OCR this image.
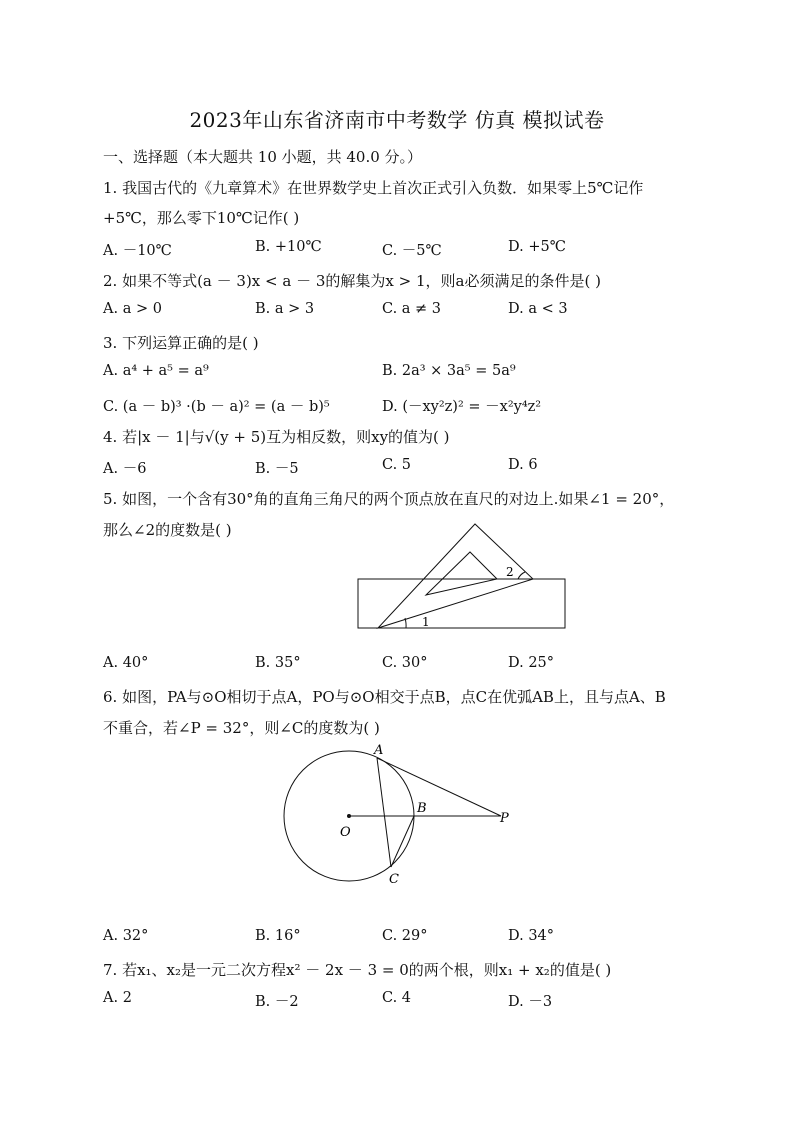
2023年山东省济南市中考数学 仿真 模拟试卷
一、选择题（本大题共 10 小题，共 40.0 分。）
1. 我国古代的《九章算术》在世界数学史上首次正式引入负数．如果零上5℃记作
+5℃，那么零下10℃记作( )
A. －10℃	B. +10℃	C. －5℃	D. +5℃
2. 如果不等式(a － 3)x < a － 3的解集为x > 1，则a必须满足的条件是( )
A. a > 0	B. a > 3	C. a ≠ 3	D. a < 3
3. 下列运算正确的是( )
A. a⁴ + a⁵ = a⁹	B. 2a³ × 3a⁵ = 5a⁹
C. (a － b)³ ·(b － a)² = (a － b)⁵	D. (－xy²z)² = －x²y⁴z²
4. 若|x － 1|与√(y + 5)互为相反数，则xy的值为( )
A. －6	B. －5	C. 5	D. 6
5. 如图，一个含有30°角的直角三角尺的两个顶点放在直尺的对边上.如果∠1 = 20°，
那么∠2的度数是( )
1
2
A. 40°	B. 35°	C. 30°	D. 25°
6. 如图，PA与⊙O相切于点A，PO与⊙O相交于点B，点C在优弧AB上，且与点A、B
不重合，若∠P = 32°，则∠C的度数为( )
A
B
O
P
C
A. 32°	B. 16°	C. 29°	D. 34°
7. 若x₁、x₂是一元二次方程x² － 2x － 3 = 0的两个根，则x₁ + x₂的值是( )
A. 2	B. －2	C. 4	D. －3
